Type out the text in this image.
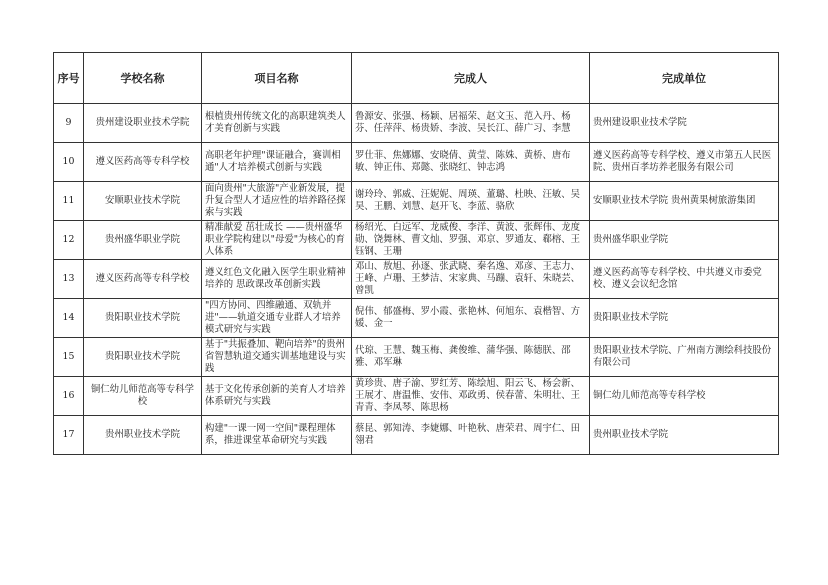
序号	学校名称	项目名称	完成人	完成单位
9	贵州建设职业技术学院	根植贵州传统文化的高职建筑类人才美育创新与实践	鲁源安、张强、杨颖、居福荣、赵文玉、范入丹、杨芬、任萍萍、杨贵娇、李波、吴长江、薛广习、李慧	贵州建设职业技术学院
10	遵义医药高等专科学校	高职老年护理"课证融合，赛训相通"人才培养模式创新与实践	罗仕菲、焦娜娜、安晓倩、黄莹、陈姝、黄桥、唐布敏、钟正伟、郑懿、张晓红、钟志鸿	遵义医药高等专科学校、遵义市第五人民医院、贵州百孝坊养老服务有限公司
11	安顺职业技术学院	面向贵州"大旅游"产业新发展，提升复合型人才适应性的培养路径探索与实践	谢玲玲、郭威、汪妮妮、周瑛、董璐、杜映、汪敏、吴昊、王鹏、刘慧、赵开飞、李蓝、骆欣	安顺职业技术学院 贵州黄果树旅游集团
12	贵州盛华职业学院	精准献爱 茁壮成长 ——贵州盛华职业学院构建以"母爱"为核心的育人体系	杨绍光、白远军、龙威俊、李洋、黄波、张辉伟、龙度勋、饶舞林、曹文灿、罗强、邓京、罗通友、郗榕、王钰钢、王珊	贵州盛华职业学院
13	遵义医药高等专科学校	遵义红色文化融入医学生职业精神培养的 思政课改革创新实践	邓山、敖旭、孙逐、张武晓、秦名逸、邓彦、王志力、王峰、卢珊、王梦洁、宋家典、马蹦、袁轩、朱晓芸、曾凯	遵义医药高等专科学校、中共遵义市委党校、遵义会议纪念馆
14	贵阳职业技术学院	"四方协同、四维融通、双轨并进"——轨道交通专业群人才培养模式研究与实践	倪伟、郁盛梅、罗小霞、张艳林、何旭东、袁楷智、方媛、金一	贵阳职业技术学院
15	贵阳职业技术学院	基于"共振叠加、靶向培养"的贵州省智慧轨道交通实训基地建设与实践	代琼、王慧、魏玉梅、龚俊维、蒲华强、陈德朕、邵雅、邓军琳	贵阳职业技术学院、广州南方测绘科技股份有限公司
16	铜仁幼儿师范高等专科学校	基于文化传承创新的美育人才培养体系研究与实践	黄珍贵、唐子渝、罗红芳、陈绘旭、阳云飞、杨会新、王展才、唐温惟、安伟、邓政勇、侯春蕾、朱明壮、王青青、李凤琴、陈思杨	铜仁幼儿师范高等专科学校
17	贵州职业技术学院	构建"一课一网一空间"课程理体系，推进课堂革命研究与实践	蔡昆、郭知涛、李婕娜、叶艳秋、唐荣君、周宇仁、田翎君	贵州职业技术学院
